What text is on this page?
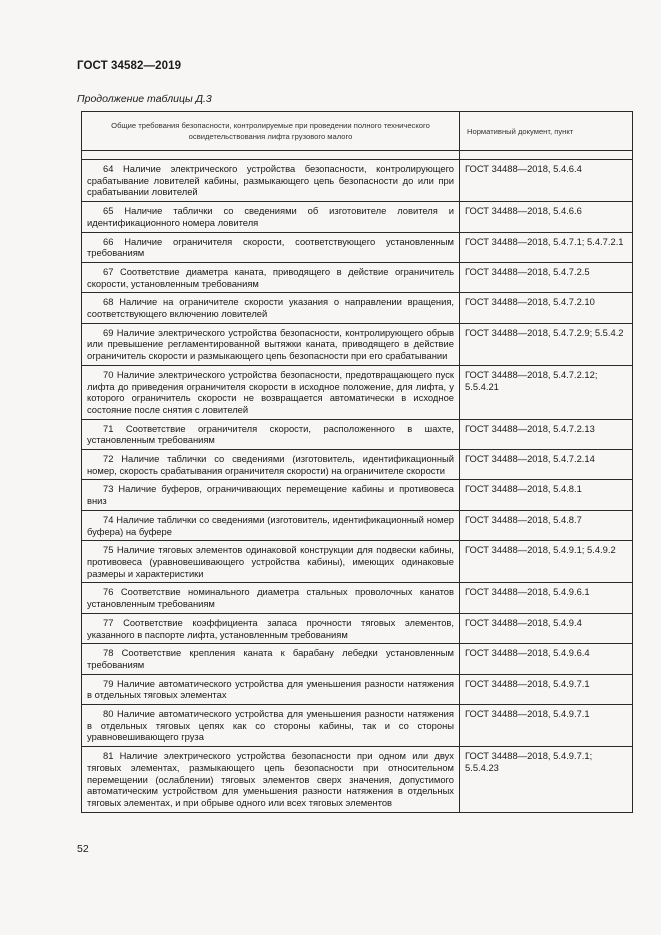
ГОСТ 34582—2019
Продолжение таблицы Д.3
Общие требования безопасности, контролируемые при проведении полного технического освидетельствования лифта грузового малого	Нормативный документ, пункт

64 Наличие электрического устройства безопасности, контролирующего срабатывание ловителей кабины, размыкающего цепь безопасности до или при срабатывании ловителей	ГОСТ 34488—2018, 5.4.6.4
65 Наличие таблички со сведениями об изготовителе ловителя и идентификационного номера ловителя	ГОСТ 34488—2018, 5.4.6.6
66 Наличие ограничителя скорости, соответствующего установленным требованиям	ГОСТ 34488—2018, 5.4.7.1; 5.4.7.2.1
67 Соответствие диаметра каната, приводящего в действие ограничитель скорости, установленным требованиям	ГОСТ 34488—2018, 5.4.7.2.5
68 Наличие на ограничителе скорости указания о направлении вращения, соответствующего включению ловителей	ГОСТ 34488—2018, 5.4.7.2.10
69 Наличие электрического устройства безопасности, контролирующего обрыв или превышение регламентированной вытяжки каната, приводящего в действие ограничитель скорости и размыкающего цепь безопасности при его срабатывании	ГОСТ 34488—2018, 5.4.7.2.9; 5.5.4.2
70 Наличие электрического устройства безопасности, предотвращающего пуск лифта до приведения ограничителя скорости в исходное положение, для лифта, у которого ограничитель скорости не возвращается автоматически в исходное состояние после снятия с ловителей	ГОСТ 34488—2018, 5.4.7.2.12; 5.5.4.21
71 Соответствие ограничителя скорости, расположенного в шахте, установленным требованиям	ГОСТ 34488—2018, 5.4.7.2.13
72 Наличие таблички со сведениями (изготовитель, идентификационный номер, скорость срабатывания ограничителя скорости) на ограничителе скорости	ГОСТ 34488—2018, 5.4.7.2.14
73 Наличие буферов, ограничивающих перемещение кабины и противовеса вниз	ГОСТ 34488—2018, 5.4.8.1
74 Наличие таблички со сведениями (изготовитель, идентификационный номер буфера) на буфере	ГОСТ 34488—2018, 5.4.8.7
75 Наличие тяговых элементов одинаковой конструкции для подвески кабины, противовеса (уравновешивающего устройства кабины), имеющих одинаковые размеры и характеристики	ГОСТ 34488—2018, 5.4.9.1; 5.4.9.2
76 Соответствие номинального диаметра стальных проволочных канатов установленным требованиям	ГОСТ 34488—2018, 5.4.9.6.1
77 Соответствие коэффициента запаса прочности тяговых элементов, указанного в паспорте лифта, установленным требованиям	ГОСТ 34488—2018, 5.4.9.4
78 Соответствие крепления каната к барабану лебедки установленным требованиям	ГОСТ 34488—2018, 5.4.9.6.4
79 Наличие автоматического устройства для уменьшения разности натяжения в отдельных тяговых элементах	ГОСТ 34488—2018, 5.4.9.7.1
80 Наличие автоматического устройства для уменьшения разности натяжения в отдельных тяговых цепях как со стороны кабины, так и со стороны уравновешивающего груза	ГОСТ 34488—2018, 5.4.9.7.1
81 Наличие электрического устройства безопасности при одном или двух тяговых элементах, размыкающего цепь безопасности при относительном перемещении (ослаблении) тяговых элементов сверх значения, допустимого автоматическим устройством для уменьшения разности натяжения в отдельных тяговых элементах, и при обрыве одного или всех тяговых элементов	ГОСТ 34488—2018, 5.4.9.7.1; 5.5.4.23
52
